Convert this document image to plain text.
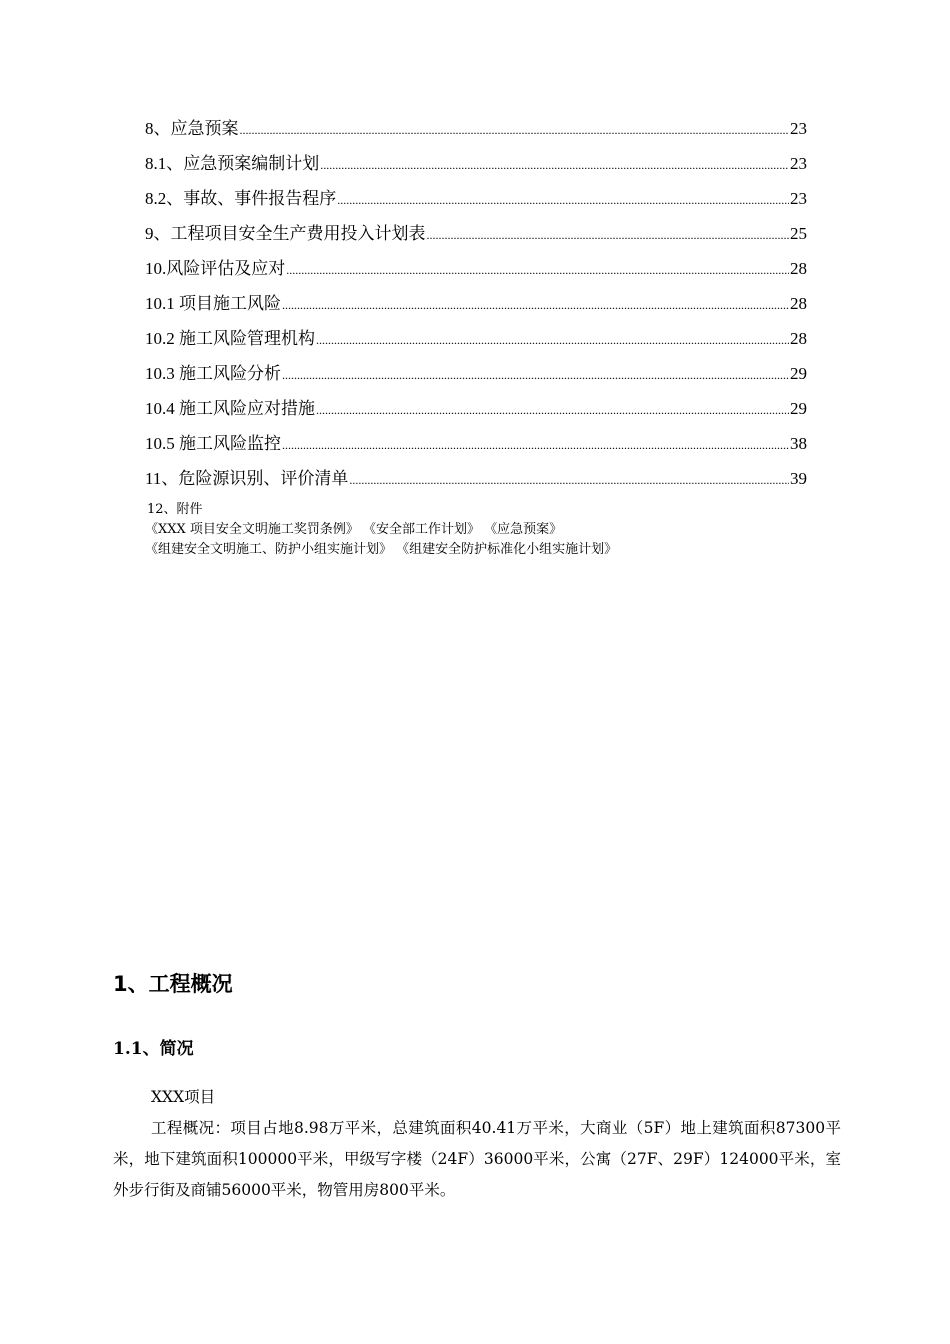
8、应急预案 .....	23
8.1、应急预案编制计划 .....	23
8.2、事故、事件报告程序 .....	23
9、工程项目安全生产费用投入计划表 .....	25
10.风险评估及应对 .....	28
10.1 项目施工风险 .....	28
10.2 施工风险管理机构 .....	28
10.3 施工风险分析 .....	29
10.4 施工风险应对措施 .....	29
10.5 施工风险监控 .....	38
11、危险源识别、评价清单 .....	39
12、附件
《XXX 项目安全文明施工奖罚条例》 《安全部工作计划》 《应急预案》
《组建安全文明施工、防护小组实施计划》 《组建安全防护标准化小组实施计划》
1、工程概况
1.1、简况
XXX项目
工程概况：项目占地8.98万平米，总建筑面积40.41万平米，大商业（5F）地上建筑面积87300平米，地下建筑面积100000平米，甲级写字楼（24F）36000平米，公寓（27F、29F）124000平米，室外步行街及商铺56000平米，物管用房800平米。
